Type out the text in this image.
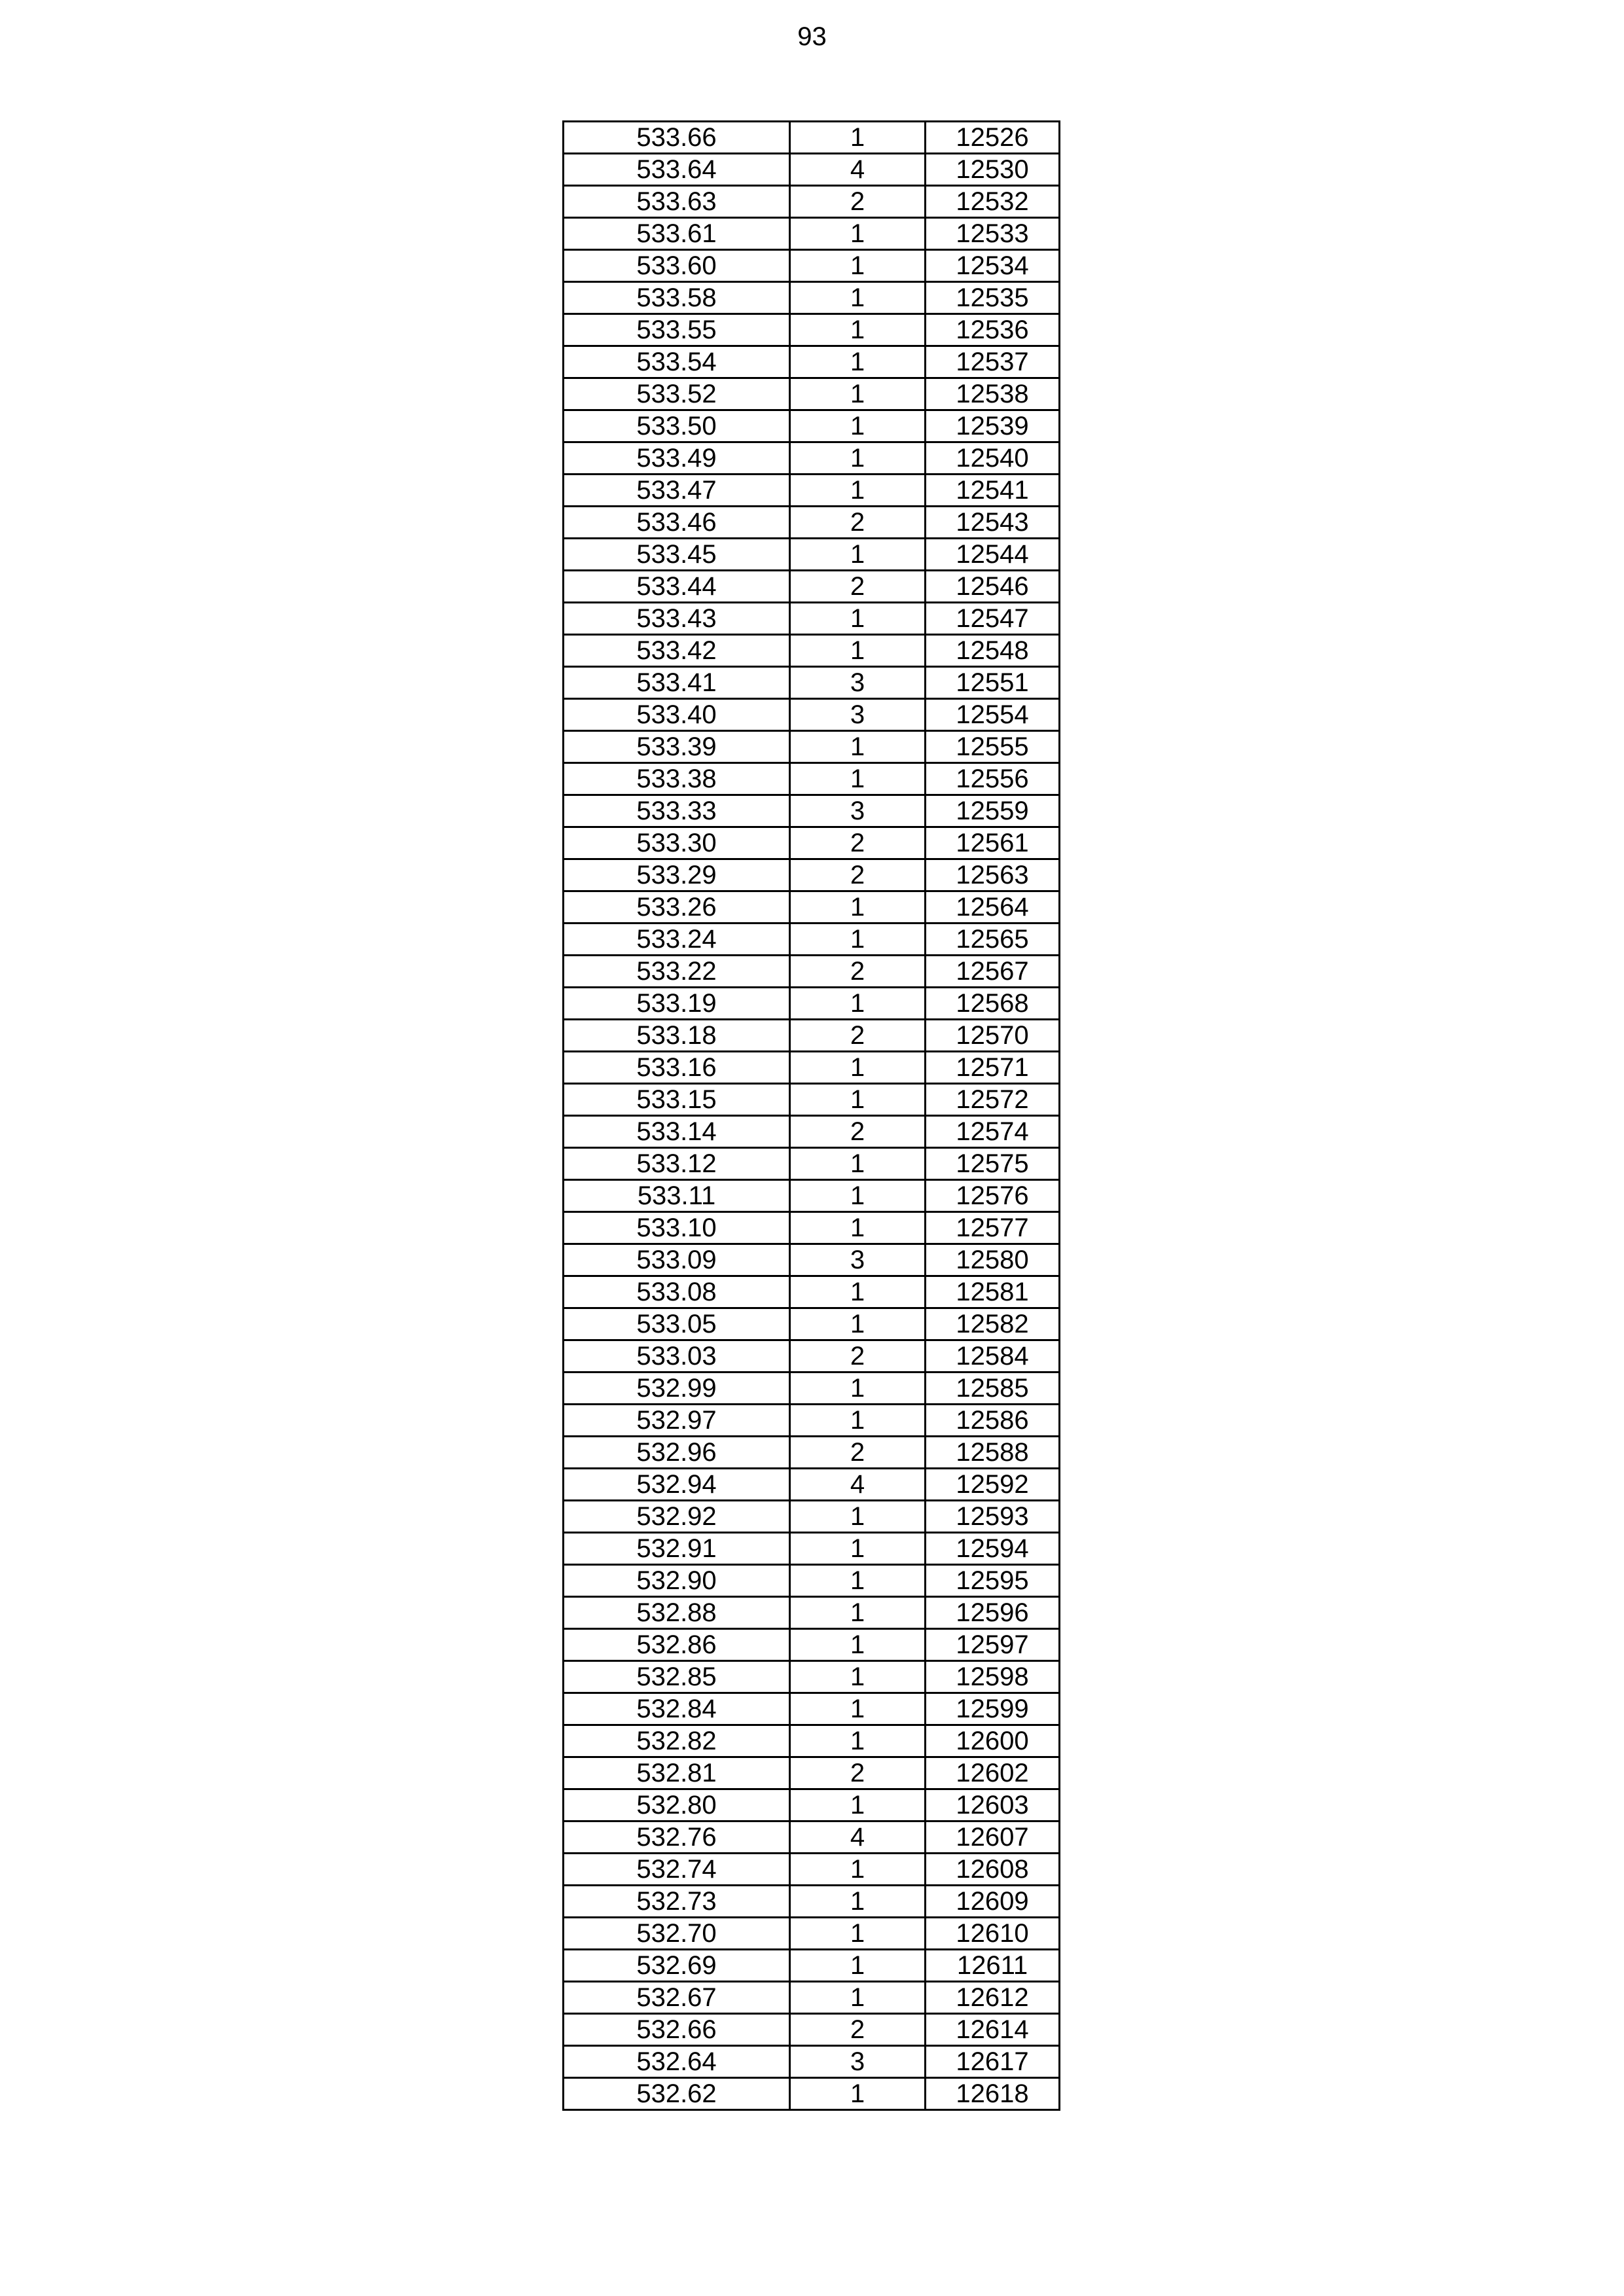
93
533.66	1	12526
533.64	4	12530
533.63	2	12532
533.61	1	12533
533.60	1	12534
533.58	1	12535
533.55	1	12536
533.54	1	12537
533.52	1	12538
533.50	1	12539
533.49	1	12540
533.47	1	12541
533.46	2	12543
533.45	1	12544
533.44	2	12546
533.43	1	12547
533.42	1	12548
533.41	3	12551
533.40	3	12554
533.39	1	12555
533.38	1	12556
533.33	3	12559
533.30	2	12561
533.29	2	12563
533.26	1	12564
533.24	1	12565
533.22	2	12567
533.19	1	12568
533.18	2	12570
533.16	1	12571
533.15	1	12572
533.14	2	12574
533.12	1	12575
533.11	1	12576
533.10	1	12577
533.09	3	12580
533.08	1	12581
533.05	1	12582
533.03	2	12584
532.99	1	12585
532.97	1	12586
532.96	2	12588
532.94	4	12592
532.92	1	12593
532.91	1	12594
532.90	1	12595
532.88	1	12596
532.86	1	12597
532.85	1	12598
532.84	1	12599
532.82	1	12600
532.81	2	12602
532.80	1	12603
532.76	4	12607
532.74	1	12608
532.73	1	12609
532.70	1	12610
532.69	1	12611
532.67	1	12612
532.66	2	12614
532.64	3	12617
532.62	1	12618
